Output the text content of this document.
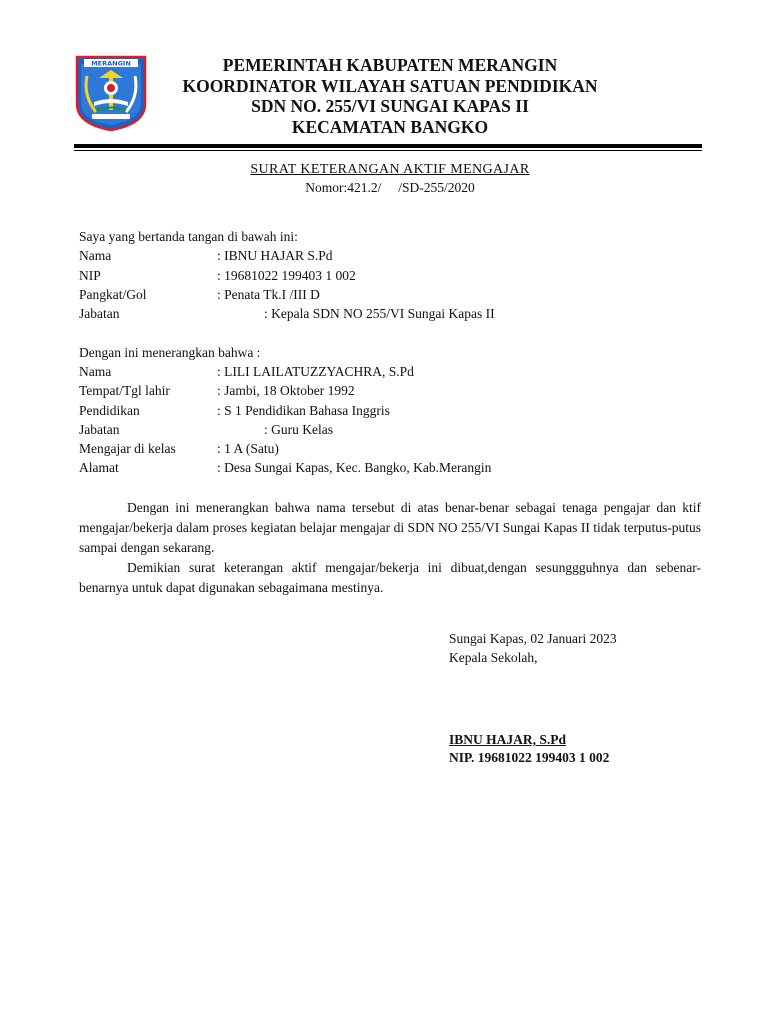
MERANGIN	PEMERINTAH KABUPATEN MERANGIN
KOORDINATOR WILAYAH SATUAN PENDIDIKAN
SDN NO. 255/VI SUNGAI KAPAS II
KECAMATAN BANGKO
SURAT KETERANGAN AKTIF MENGAJAR
Nomor:421.2/     /SD-255/2020
Saya yang bertanda tangan di bawah ini:
Nama	: IBNU HAJAR S.Pd
NIP	: 19681022 199403 1 002
Pangkat/Gol	: Penata Tk.I /III D
Jabatan	: Kepala SDN NO 255/VI Sungai Kapas II
Dengan ini menerangkan bahwa :
Nama	: LILI LAILATUZZYACHRA, S.Pd
Tempat/Tgl lahir	: Jambi, 18 Oktober 1992
Pendidikan	: S 1 Pendidikan Bahasa Inggris
Jabatan	: Guru Kelas
Mengajar di kelas	: 1 A (Satu)
Alamat	: Desa Sungai Kapas, Kec. Bangko, Kab.Merangin
Dengan ini menerangkan bahwa nama tersebut di atas benar-benar sebagai tenaga pengajar dan ktif mengajar/bekerja dalam proses kegiatan belajar mengajar di SDN NO 255/VI Sungai Kapas II tidak terputus-putus sampai dengan sekarang.
Demikian surat keterangan aktif mengajar/bekerja ini dibuat,dengan sesunggguhnya dan sebenar-benarnya untuk dapat digunakan sebagaimana mestinya.
Sungai Kapas, 02 Januari 2023
Kepala Sekolah,
IBNU HAJAR, S.Pd
NIP. 19681022 199403 1 002
